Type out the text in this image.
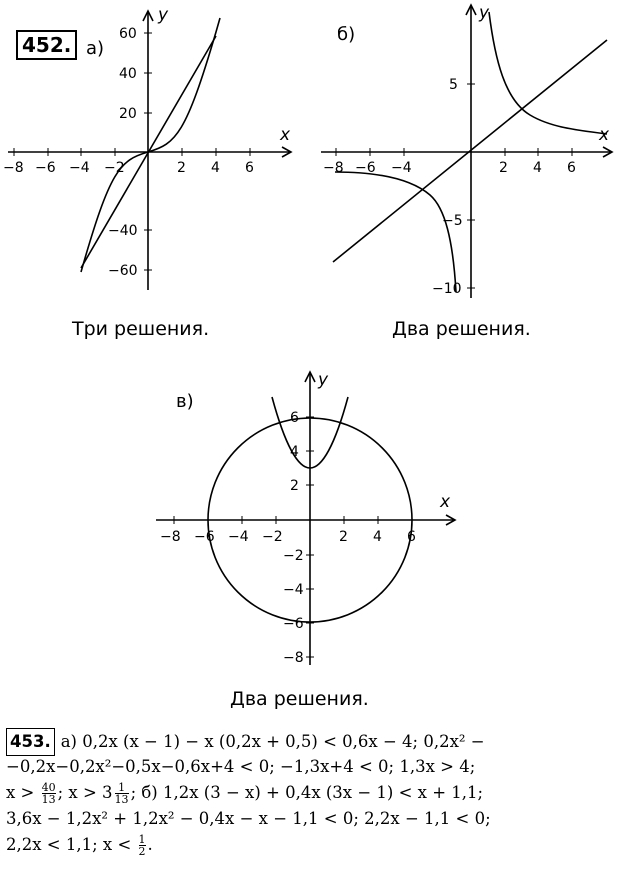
452.
x
y
а)
−8 −6 −4 −2	2 4 6
60
40
20
−40
−60
Три решения.
x
y
б)
−8 −6 −4	2 4 6
5
−5
−10
Два решения.
x
y
в)
−8 −6 −4 −2	2 4 6
6
4
2
−2
−4
−6
−8
Два решения.
453. а) 0,2x (x − 1) − x (0,2x + 0,5) < 0,6x − 4; 0,2x² −
−0,2x−0,2x²−0,5x−0,6x+4 < 0; −1,3x+4 < 0; 1,3x > 4;
$x > \frac{40}{13}$ ; $x > 3 \frac{1}{13}$ ; б) 1,2x (3 − x) + 0,4x (3x − 1) < x + 1,1;
3,6x − 1,2x² + 1,2x² − 0,4x − x − 1,1 < 0; 2,2x − 1,1 < 0;
2,2x < 1,1; $x < \frac{1}{2}$ .
